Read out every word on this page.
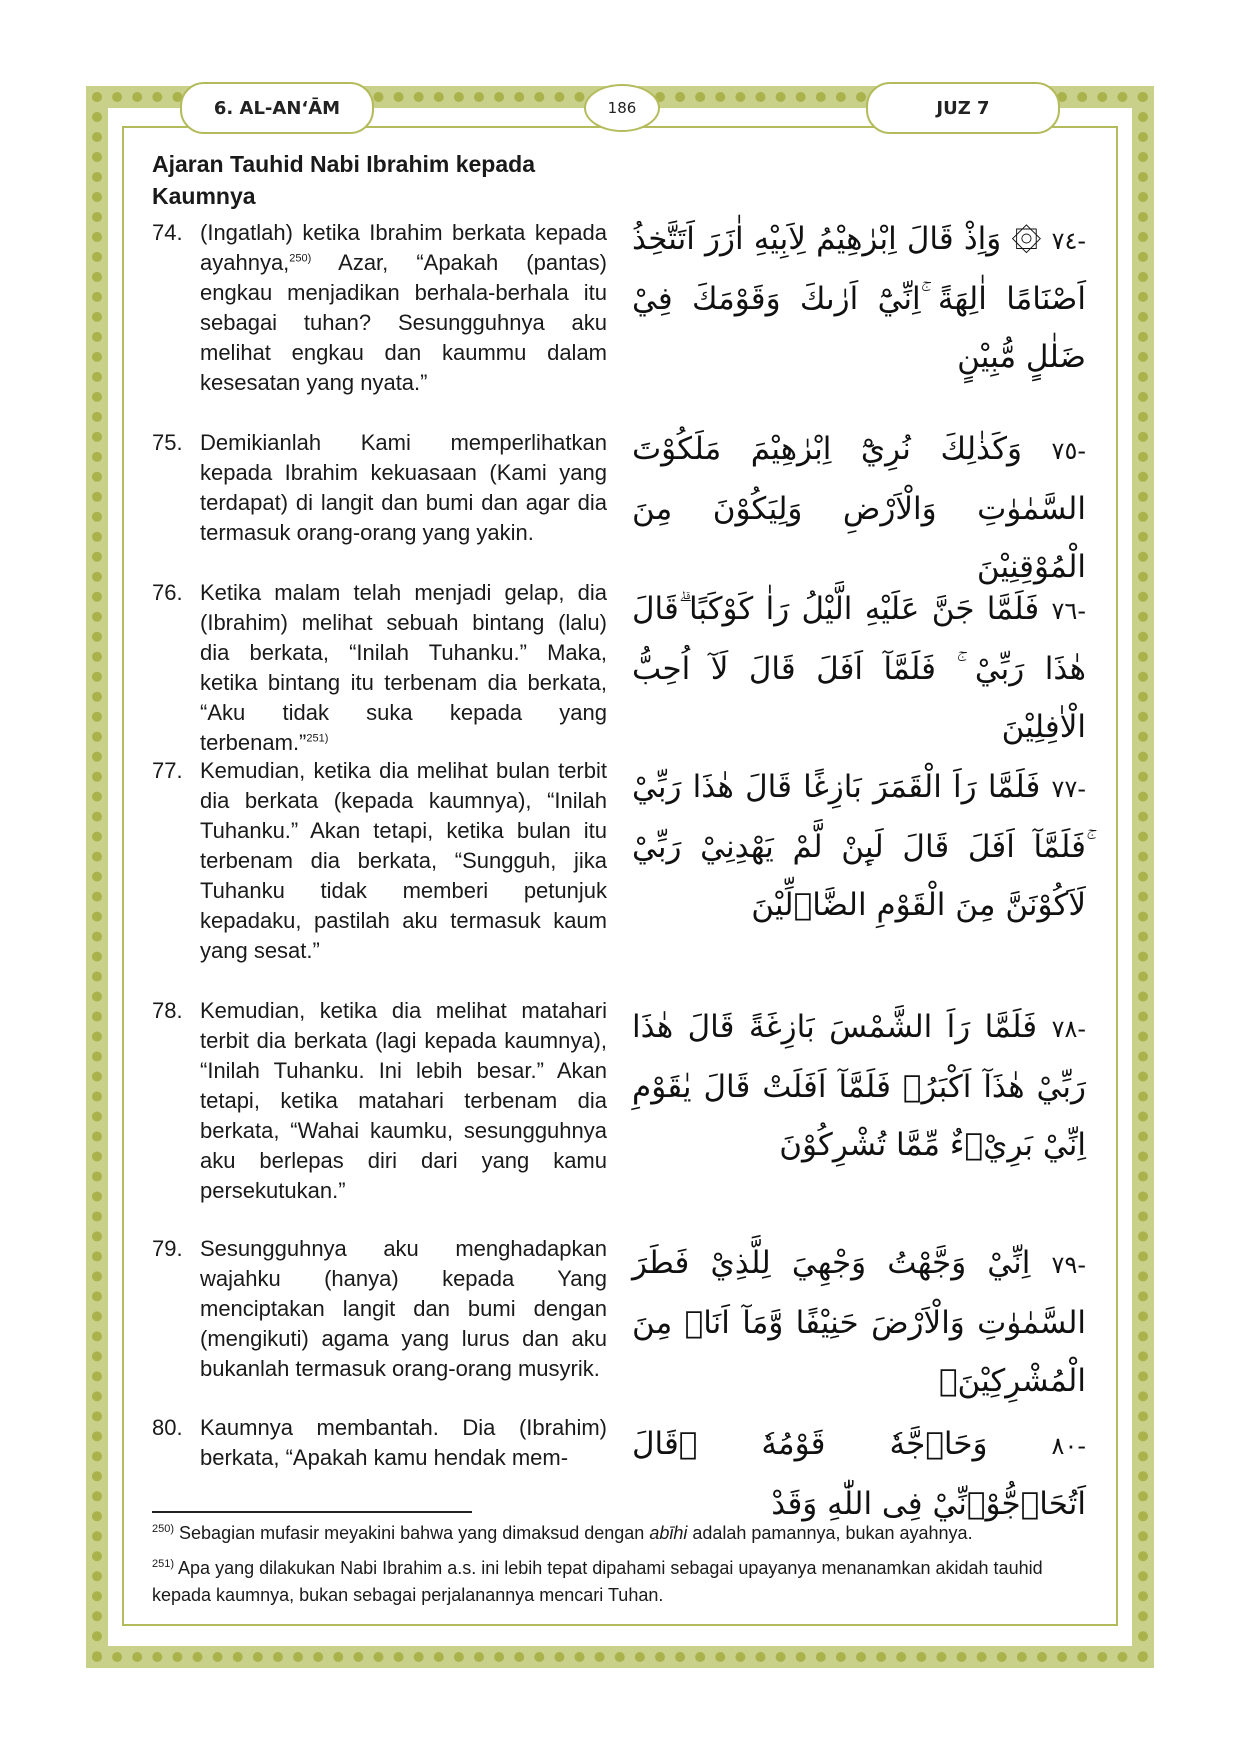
6. AL-AN‘ĀM	186	JUZ 7
Ajaran Tauhid Nabi Ibrahim kepada Kaumnya
74. (Ingatlah) ketika Ibrahim berkata kepada ayahnya,$^{250)}$ Azar, “Apakah (pantas) engkau menjadikan berhala-berhala itu sebagai tuhan? Sesungguhnya aku melihat engkau dan kaummu dalam kesesatan yang nyata.”
-٧٤ ۞ وَاِذْ قَالَ اِبْرٰهِيْمُ لِاَبِيْهِ اٰزَرَ اَتَتَّخِذُ اَصْنَامًا اٰلِهَةً ۚاِنِّيْٓ اَرٰىكَ وَقَوْمَكَ فِيْ ضَلٰلٍ مُّبِيْنٍ
75. Demikianlah Kami memperlihatkan kepada Ibrahim kekuasaan (Kami yang terdapat) di langit dan bumi dan agar dia termasuk orang-orang yang yakin.
-٧٥ وَكَذٰلِكَ نُرِيْٓ اِبْرٰهِيْمَ مَلَكُوْتَ السَّمٰوٰتِ وَالْاَرْضِ وَلِيَكُوْنَ مِنَ الْمُوْقِنِيْنَ
76. Ketika malam telah menjadi gelap, dia (Ibrahim) melihat sebuah bintang (lalu) dia berkata, “Inilah Tuhanku.” Maka, ketika bintang itu terbenam dia berkata, “Aku tidak suka kepada yang terbenam.”$^{251)}$
-٧٦ فَلَمَّا جَنَّ عَلَيْهِ الَّيْلُ رَاٰ كَوْكَبًا ۗقَالَ هٰذَا رَبِّيْ ۚ فَلَمَّآ اَفَلَ قَالَ لَآ اُحِبُّ الْاٰفِلِيْنَ
77. Kemudian, ketika dia melihat bulan terbit dia berkata (kepada kaumnya), “Inilah Tuhanku.” Akan tetapi, ketika bulan itu terbenam dia berkata, “Sungguh, jika Tuhanku tidak memberi petunjuk kepadaku, pastilah aku termasuk kaum yang sesat.”
-٧٧ فَلَمَّا رَاَ الْقَمَرَ بَازِغًا قَالَ هٰذَا رَبِّيْ ۚفَلَمَّآ اَفَلَ قَالَ لَىِٕنْ لَّمْ يَهْدِنِيْ رَبِّيْ لَاَكُوْنَنَّ مِنَ الْقَوْمِ الضَّاۤلِّيْنَ
78. Kemudian, ketika dia melihat matahari terbit dia berkata (lagi kepada kaumnya), “Inilah Tuhanku. Ini lebih besar.” Akan tetapi, ketika matahari terbenam dia berkata, “Wahai kaumku, sesungguhnya aku berlepas diri dari yang kamu persekutukan.”
-٧٨ فَلَمَّا رَاَ الشَّمْسَ بَازِغَةً قَالَ هٰذَا رَبِّيْ هٰذَآ اَكْبَرُۚ فَلَمَّآ اَفَلَتْ قَالَ يٰقَوْمِ اِنِّيْ بَرِيْۤءٌ مِّمَّا تُشْرِكُوْنَ
79. Sesungguhnya aku menghadapkan wajahku (hanya) kepada Yang menciptakan langit dan bumi dengan (mengikuti) agama yang lurus dan aku bukanlah termasuk orang-orang musyrik.
-٧٩ اِنِّيْ وَجَّهْتُ وَجْهِيَ لِلَّذِيْ فَطَرَ السَّمٰوٰتِ وَالْاَرْضَ حَنِيْفًا وَّمَآ اَنَا۠ مِنَ الْمُشْرِكِيْنَۚ
80. Kaumnya membantah. Dia (Ibrahim) berkata, “Apakah kamu hendak mem-	-٨٠ وَحَاۤجَّهٗ قَوْمُهٗ ۗقَالَ اَتُحَاۤجُّوْۤنِّيْ فِى اللّٰهِ وَقَدْ
$^{250)}$ Sebagian mufasir meyakini bahwa yang dimaksud dengan abīhi adalah pamannya, bukan ayahnya.
$^{251)}$ Apa yang dilakukan Nabi Ibrahim a.s. ini lebih tepat dipahami sebagai upayanya menanamkan akidah tauhid kepada kaumnya, bukan sebagai perjalanannya mencari Tuhan.
